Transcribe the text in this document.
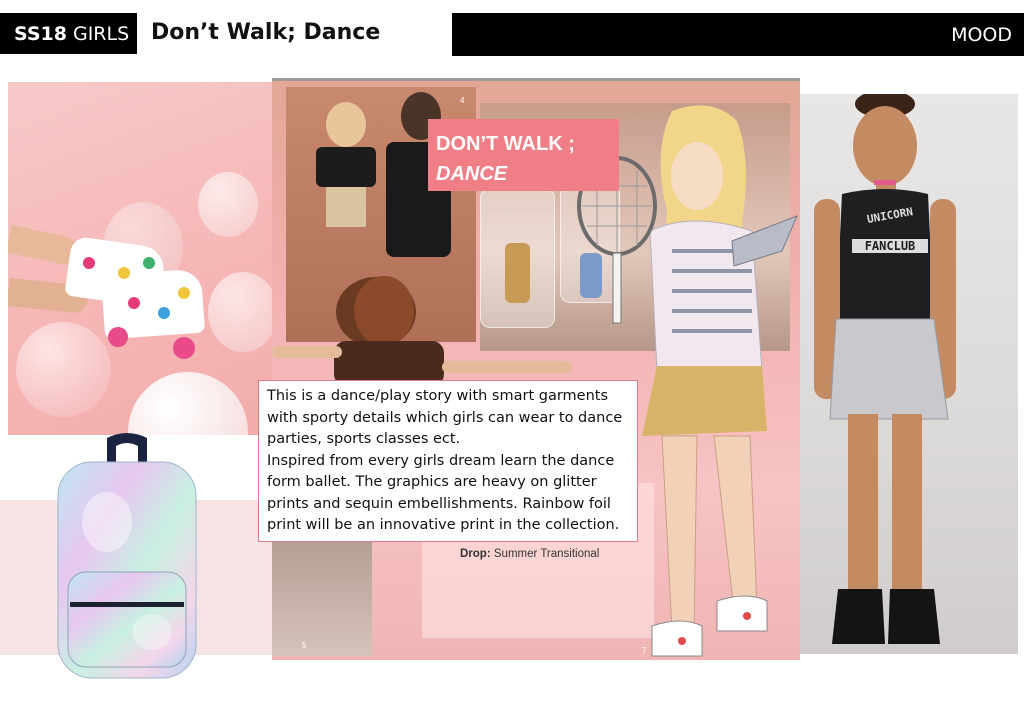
SS18 GIRLS Don’t Walk; Dance	MOOD
DON’T WALK ;
DANCE
4
5
7
This is a dance/play story with smart garments
with sporty details which girls can wear to dance
parties, sports classes ect.
Inspired from every girls dream learn the dance
form ballet. The graphics are heavy on glitter
prints and sequin embellishments. Rainbow foil
print will be an innovative print in the collection.
Drop: Summer Transitional
UNICORN
FANCLUB
